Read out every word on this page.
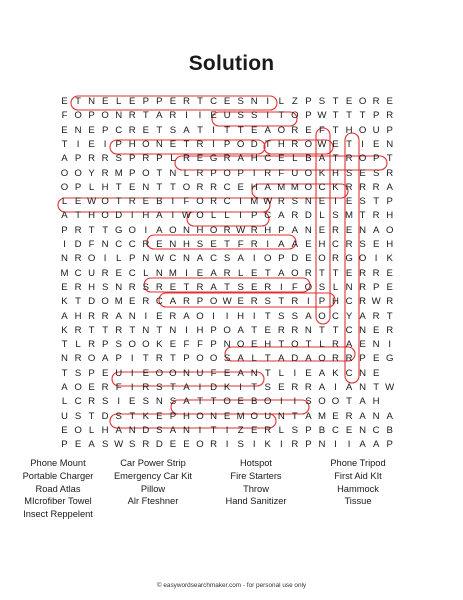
Solution
E T N E L E P P E R T C E S N I L Z P S T E O R E
F O P O N R T A R I	I E U S S I T O P W T T T P R
E N E P C R E T S A T I T T E A O R E F T H O U P
T I E I P H O N E T R I P O D T H R O W E T I E N
A P R R S P R P L R E G R A H C E L B A T R O P T
O O Y R M P O T N L R P O P I R F U O K H S E S R
O P L H T E N T T O R R C E H A M M O C K R R R A
L E W O T R E B I F O R C I M W R S N E I E S T P
A T H O D I H A I W O L L I P C A R D L S M T R H
P R T T G O I A O N H O R W R H P A N E R E N A O
I D F N C C R E N H S E T F R I A A E H C R S E H
N R O I L P N W C N A C S A I O P D E O R G O I K
M C U R E C L N M I E A R L E T A O R T T E R R E
E R H S N R S R E T R A T S E R I F O S L N R P E
K T D O M E R C A R P O W E R S T R I P H C R W R
A H R R A N I E R A O I	I H I T S S A O C Y A R T
K R T T R T N T N I H P O A T E R R N T T C N E R
T L R P S O O K E F F P N O E H T O T L R A E N I
N R O A P I T R T P O O S A L T A D A O R R P E G
T S P E U I E O O N U F E A N T L I E A K C N E
A O E R F I R S T A I D K I T S E R R A I A N T W
L C R S I E S N S A T T O E B O I	I S O O T A H
U S T D S T K E P H O N E M O U N T A M E R A N A
E O L H A N D S A N I T I Z E R L S P B C E N C B
P E A S W S R D E E O R I S I K I R P N I	I A A P
Phone Mount	Car Power Strip	Hotspot	Phone Tripod
Portable Charger	Emergency Car Kit	Fire Starters	First Aid KIt
Road Atlas	Pillow	Throw	Hammock
MIcrofiber Towel	Alr Fteshner	Hand Sanitizer	Tissue
Insect Reppelent
© easywordsearchmaker.com - for personal use only
